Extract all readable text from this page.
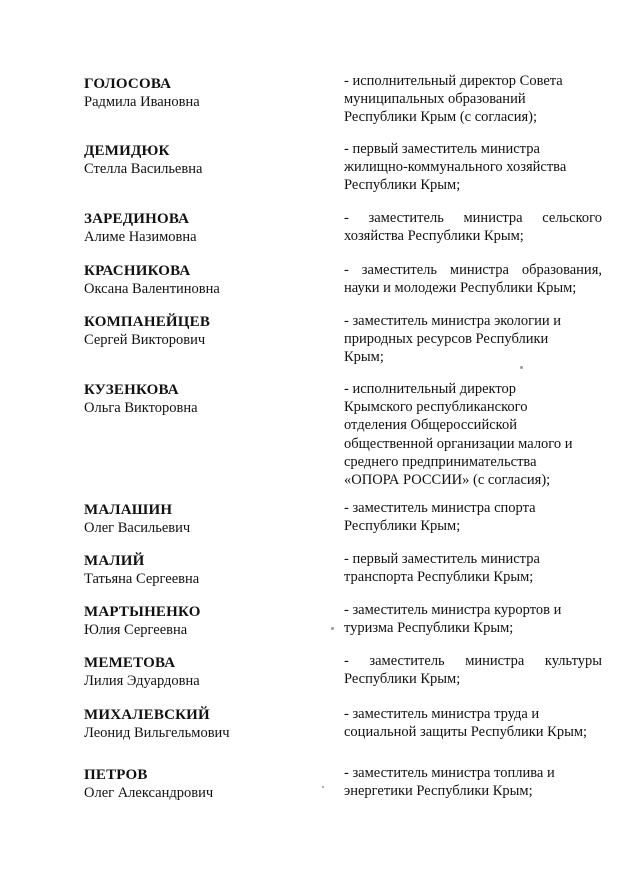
ГОЛОСОВА
Радмила Ивановна
- исполнительный директор Совета
муниципальных образований
Республики Крым (с согласия);
ДЕМИДЮК
Стелла Васильевна
- первый заместитель министра
жилищно-коммунального хозяйства
Республики Крым;
ЗАРЕДИНОВА
Алиме Назимовна
- заместитель министра сельского
хозяйства Республики Крым;
КРАСНИКОВА
Оксана Валентиновна
- заместитель министра образования,
науки и молодежи Республики Крым;
КОМПАНЕЙЦЕВ
Сергей Викторович
- заместитель министра экологии и
природных ресурсов Республики
Крым;
КУЗЕНКОВА
Ольга Викторовна
- исполнительный директор
Крымского республиканского
отделения Общероссийской
общественной организации малого и
среднего предпринимательства
«ОПОРА РОССИИ» (с согласия);
МАЛАШИН
Олег Васильевич
- заместитель министра спорта
Республики Крым;
МАЛИЙ
Татьяна Сергеевна
- первый заместитель министра
транспорта Республики Крым;
МАРТЫНЕНКО
Юлия Сергеевна
- заместитель министра курортов и
туризма Республики Крым;
МЕМЕТОВА
Лилия Эдуардовна
- заместитель министра культуры
Республики Крым;
МИХАЛЕВСКИЙ
Леонид Вильгельмович
- заместитель министра труда и
социальной защиты Республики Крым;
ПЕТРОВ
Олег Александрович
- заместитель министра топлива и
энергетики Республики Крым;
